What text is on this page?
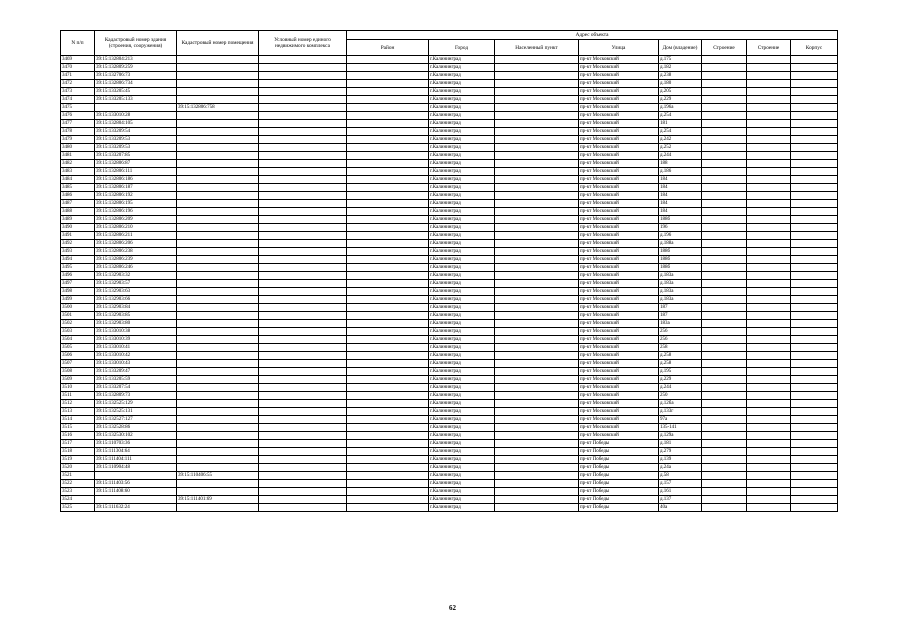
N п/п	Кадастровый номер здания (строения, сооружения)	Кадастровый номер помещения	Условный номер единого недвижимого комплекса	Адрес объекта							
				Район	Город	Населенный пункт	Улица	Дом (владение)	Строение	Строение	Корпус
3469	39:15:132804:213				г.Калининград		пр-кт Московский	д.175			
3470	39:15:132809:259				г.Калининград		пр-кт Московский	д.182			
3471	39:15:132706:73				г.Калининград		пр-кт Московский	д.238			
3472	39:15:132806:734				г.Калининград		пр-кт Московский	д.180			
3473	39:15:133205:45				г.Калининград		пр-кт Московский	д.205			
3474	39:15:133205:133				г.Калининград		пр-кт Московский	д.229			
3475		39:15:132806:758			г.Калининград		пр-кт Московский	д.196а			
3476	39:15:133010:28				г.Калининград		пр-кт Московский	д.254			
3477	39:15:132804:105				г.Калининград		пр-кт Московский	181			
3478	39:15:133209:54				г.Калининград		пр-кт Московский	д.254			
3479	39:15:133209:53				г.Калининград		пр-кт Московский	д.242			
3480	39:15:133209:53				г.Калининград		пр-кт Московский	д.252			
3481	39:15:133207:85				г.Калининград		пр-кт Московский	д.244			
3482	39:15:132806:87				г.Калининград		пр-кт Московский	188			
3483	39:15:132806:111				г.Калининград		пр-кт Московский	д.186			
3484	39:15:132806:186				г.Калининград		пр-кт Московский	184			
3485	39:15:132806:187				г.Калининград		пр-кт Московский	184			
3486	39:15:132806:192				г.Калининград		пр-кт Московский	184			
3487	39:15:132806:195				г.Калининград		пр-кт Московский	184			
3488	39:15:132806:196				г.Калининград		пр-кт Московский	184			
3489	39:15:132806:209				г.Калининград		пр-кт Московский	188б			
3490	39:15:132806:210				г.Калининград		пр-кт Московский	196			
3491	39:15:132806:211				г.Калининград		пр-кт Московский	д.196			
3492	39:15:132806:206				г.Калининград		пр-кт Московский	д.188а			
3493	39:15:132806:238				г.Калининград		пр-кт Московский	188б			
3494	39:15:132806:239				г.Калининград		пр-кт Московский	188б			
3495	39:15:132806:246				г.Калининград		пр-кт Московский	188б			
3496	39:15:132903:32				г.Калининград		пр-кт Московский	д.183а			
3497	39:15:132903:57				г.Калининград		пр-кт Московский	д.183а			
3498	39:15:132903:63				г.Калининград		пр-кт Московский	д.183а			
3499	39:15:132903:66				г.Калининград		пр-кт Московский	д.183а			
3500	39:15:132903:84				г.Калининград		пр-кт Московский	187			
3501	39:15:132903:85				г.Калининград		пр-кт Московский	187			
3502	39:15:132903:80				г.Калининград		пр-кт Московский	183а			
3503	39:15:133010:38				г.Калининград		пр-кт Московский	256			
3504	39:15:133010:39				г.Калининград		пр-кт Московский	256			
3505	39:15:133010:41				г.Калининград		пр-кт Московский	258			
3506	39:15:133010:42				г.Калининград		пр-кт Московский	д.258			
3507	39:15:133010:43				г.Калининград		пр-кт Московский	д.258			
3508	39:15:133209:47				г.Калининград		пр-кт Московский	д.195			
3509	39:15:133205:59				г.Калининград		пр-кт Московский	д.229			
3510	39:15:133207:54				г.Калининград		пр-кт Московский	д.244			
3511	39:15:132809:73				г.Калининград		пр-кт Московский	250			
3512	39:15:132525:129				г.Калининград		пр-кт Московский	д.12ба			
3513	39:15:132525:131				г.Калининград		пр-кт Московский	д.133г			
3514	39:15:132527:127				г.Калининград		пр-кт Московский	97а			
3515	39:15:132528:86				г.Калининград		пр-кт Московский	135-141			
3516	39:15:132530:102				г.Калининград		пр-кт Московский	д.129а			
3517	39:15:110703:36				г.Калининград		пр-кт Победы	д.181			
3518	39:15:111304:64				г.Калининград		пр-кт Победы	д.279			
3519	39:15:111404:111				г.Калининград		пр-кт Победы	д.139			
3520	39:15:110904:48				г.Калининград		пр-кт Победы	д.24а			
3521		39:15:110406:55			г.Калининград		пр-кт Победы	д.58			
3522	39:15:111403:56				г.Калининград		пр-кт Победы	д.157			
3523	39:15:111408:60				г.Калининград		пр-кт Победы	д.161			
3524		39:15:111401:69			г.Калининград		пр-кт Победы	д.137			
3525	39:15:111632:24				г.Калининград		пр-кт Победы	40а			
62
